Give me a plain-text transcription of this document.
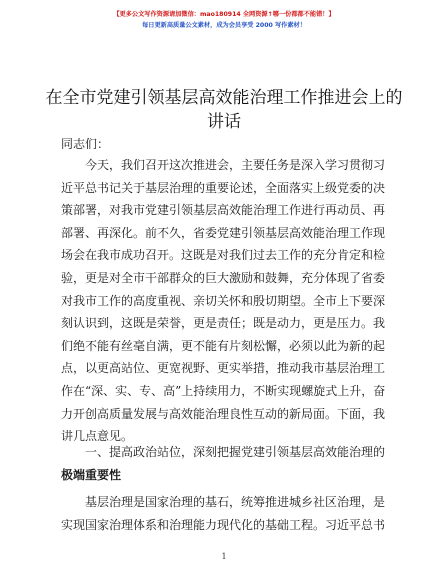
【更多公文写作资源请加微信：mao180914 全网资源↑哪一份都都不能错！】
每日更新高质量公文素材，成为会员享受 2000 写作素材！
在全市党建引领基层高效能治理工作推进会上的讲话
同志们：
今天，我们召开这次推进会，主要任务是深入学习贯彻习近平总书记关于基层治理的重要论述，全面落实上级党委的决策部署，对我市党建引领基层高效能治理工作进行再动员、再部署、再深化。前不久，省委党建引领基层高效能治理工作现场会在我市成功召开。这既是对我们过去工作的充分肯定和检验，更是对全市干部群众的巨大激励和鼓舞，充分体现了省委对我市工作的高度重视、亲切关怀和殷切期望。全市上下要深刻认识到，这既是荣誉，更是责任；既是动力，更是压力。我们绝不能有丝毫自满，更不能有片刻松懈，必须以此为新的起点，以更高站位、更宽视野、更实举措，推动我市基层治理工作在“深、实、专、高”上持续用力，不断实现螺旋式上升，奋力开创高质量发展与高效能治理良性互动的新局面。下面，我讲几点意见。
一、提高政治站位，深刻把握党建引领基层高效能治理的极端重要性
基层治理是国家治理的基石，统筹推进城乡社区治理，是实现国家治理体系和治理能力现代化的基础工程。习近平总书
1
